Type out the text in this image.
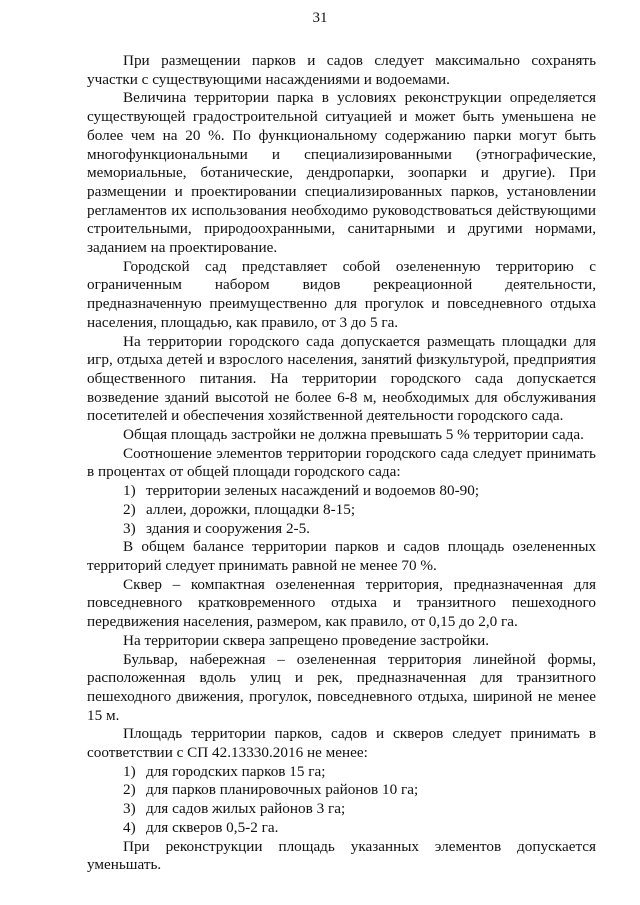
31

При размещении парков и садов следует максимально сохранять участки с существующими насаждениями и водоемами.

Величина территории парка в условиях реконструкции определяется существующей градостроительной ситуацией и может быть уменьшена не более чем на 20 %. По функциональному содержанию парки могут быть многофункциональными и специализированными (этнографические, мемориальные, ботанические, дендропарки, зоопарки и другие). При размещении и проектировании специализированных парков, установлении регламентов их использования необходимо руководствоваться действующими строительными, природоохранными, санитарными и другими нормами, заданием на проектирование.

Городской сад представляет собой озелененную территорию с ограниченным набором видов рекреационной деятельности, предназначенную преимущественно для прогулок и повседневного отдыха населения, площадью, как правило, от 3 до 5 га.

На территории городского сада допускается размещать площадки для игр, отдыха детей и взрослого населения, занятий физкультурой, предприятия общественного питания. На территории городского сада допускается возведение зданий высотой не более 6-8 м, необходимых для обслуживания посетителей и обеспечения хозяйственной деятельности городского сада.

Общая площадь застройки не должна превышать 5 % территории сада.

Соотношение элементов территории городского сада следует принимать в процентах от общей площади городского сада:

1) территории зеленых насаждений и водоемов 80-90;
2) аллеи, дорожки, площадки 8-15;
3) здания и сооружения 2-5.

В общем балансе территории парков и садов площадь озелененных территорий следует принимать равной не менее 70 %.

Сквер – компактная озелененная территория, предназначенная для повседневного кратковременного отдыха и транзитного пешеходного передвижения населения, размером, как правило, от 0,15 до 2,0 га.

На территории сквера запрещено проведение застройки.

Бульвар, набережная – озелененная территория линейной формы, расположенная вдоль улиц и рек, предназначенная для транзитного пешеходного движения, прогулок, повседневного отдыха, шириной не менее 15 м.

Площадь территории парков, садов и скверов следует принимать в соответствии с СП 42.13330.2016 не менее:

1) для городских парков 15 га;
2) для парков планировочных районов 10 га;
3) для садов жилых районов 3 га;
4) для скверов 0,5-2 га.

При реконструкции площадь указанных элементов допускается уменьшать.
